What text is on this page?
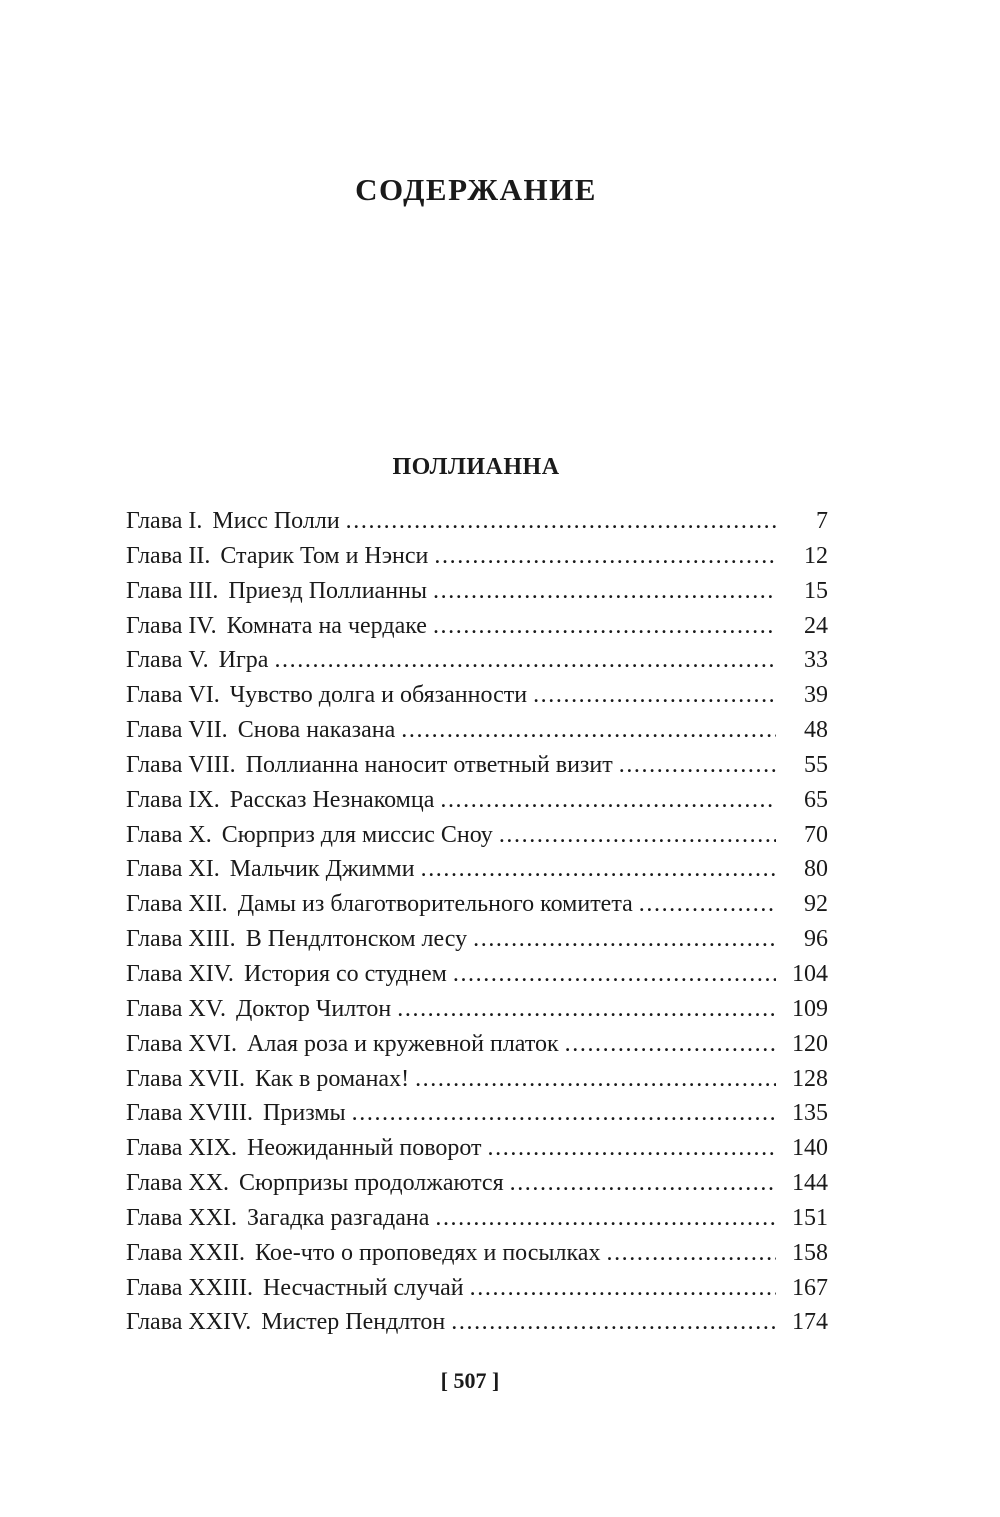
СОДЕРЖАНИЕ
ПОЛЛИАННА
Глава I. Мисс Полли . . .	7
Глава II. Старик Том и Нэнси . . .	12
Глава III. Приезд Поллианны . . .	15
Глава IV. Комната на чердаке . . .	24
Глава V. Игра . . .	33
Глава VI. Чувство долга и обязанности . . .	39
Глава VII. Снова наказана . . .	48
Глава VIII. Поллианна наносит ответный визит . . .	55
Глава IX. Рассказ Незнакомца . . .	65
Глава X. Сюрприз для миссис Сноу . . .	70
Глава XI. Мальчик Джимми . . .	80
Глава XII. Дамы из благотворительного комитета . . .	92
Глава XIII. В Пендлтонском лесу . . .	96
Глава XIV. История со студнем . . .	104
Глава XV. Доктор Чилтон . . .	109
Глава XVI. Алая роза и кружевной платок . . .	120
Глава XVII. Как в романах! . . .	128
Глава XVIII. Призмы . . .	135
Глава XIX. Неожиданный поворот . . .	140
Глава XX. Сюрпризы продолжаются . . .	144
Глава XXI. Загадка разгадана . . .	151
Глава XXII. Кое-что о проповедях и посылках . . .	158
Глава XXIII. Несчастный случай . . .	167
Глава XXIV. Мистер Пендлтон . . .	174
[ 507 ]
